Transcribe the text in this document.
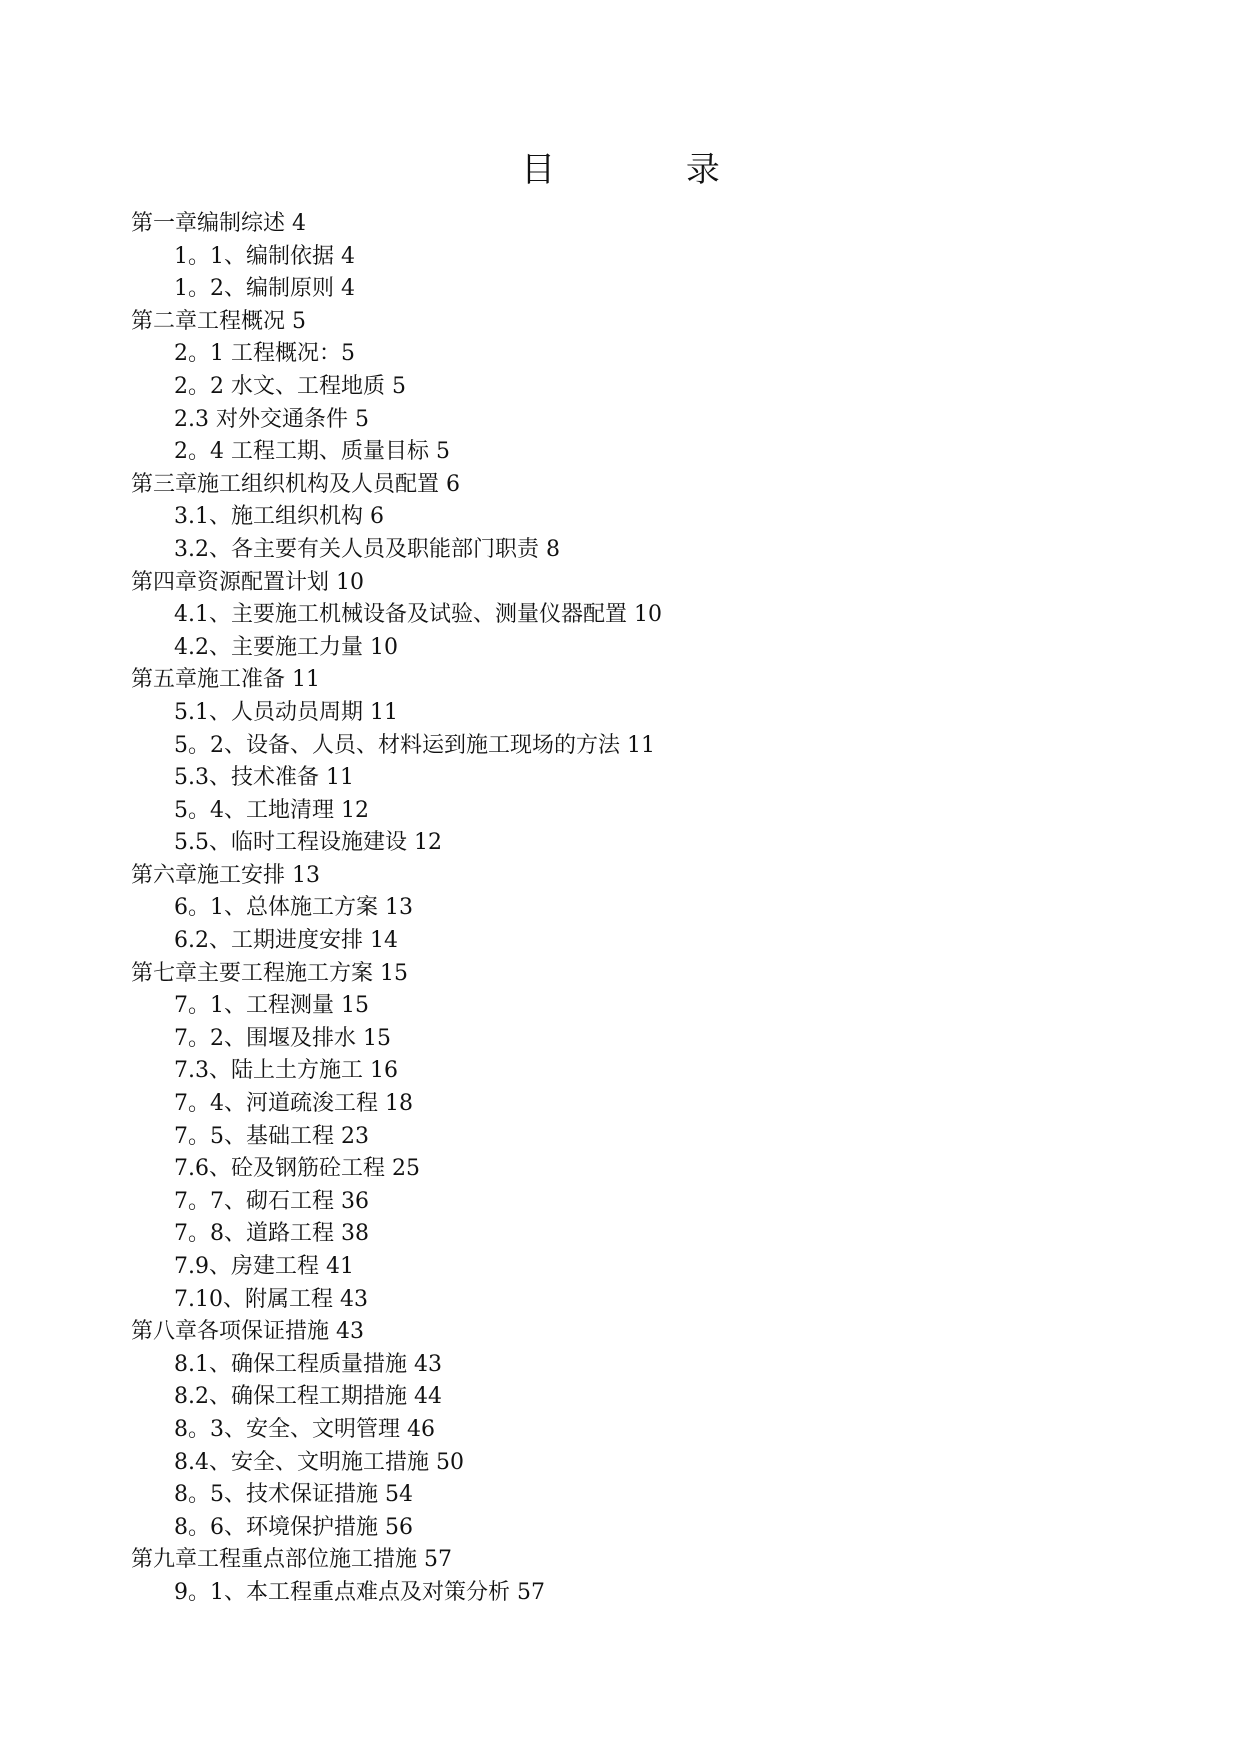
目 录
第一章编制综述 4
1。1、编制依据 4
1。2、编制原则 4
第二章工程概况 5
2。1 工程概况：5
2。2 水文、工程地质 5
2.3 对外交通条件 5
2。4 工程工期、质量目标 5
第三章施工组织机构及人员配置 6
3.1、施工组织机构 6
3.2、各主要有关人员及职能部门职责 8
第四章资源配置计划 10
4.1、主要施工机械设备及试验、测量仪器配置 10
4.2、主要施工力量 10
第五章施工准备 11
5.1、人员动员周期 11
5。2、设备、人员、材料运到施工现场的方法 11
5.3、技术准备 11
5。4、工地清理 12
5.5、临时工程设施建设 12
第六章施工安排 13
6。1、总体施工方案 13
6.2、工期进度安排 14
第七章主要工程施工方案 15
7。1、工程测量 15
7。2、围堰及排水 15
7.3、陆上土方施工 16
7。4、河道疏浚工程 18
7。5、基础工程 23
7.6、砼及钢筋砼工程 25
7。7、砌石工程 36
7。8、道路工程 38
7.9、房建工程 41
7.10、附属工程 43
第八章各项保证措施 43
8.1、确保工程质量措施 43
8.2、确保工程工期措施 44
8。3、安全、文明管理 46
8.4、安全、文明施工措施 50
8。5、技术保证措施 54
8。6、环境保护措施 56
第九章工程重点部位施工措施 57
9。1、本工程重点难点及对策分析 57
